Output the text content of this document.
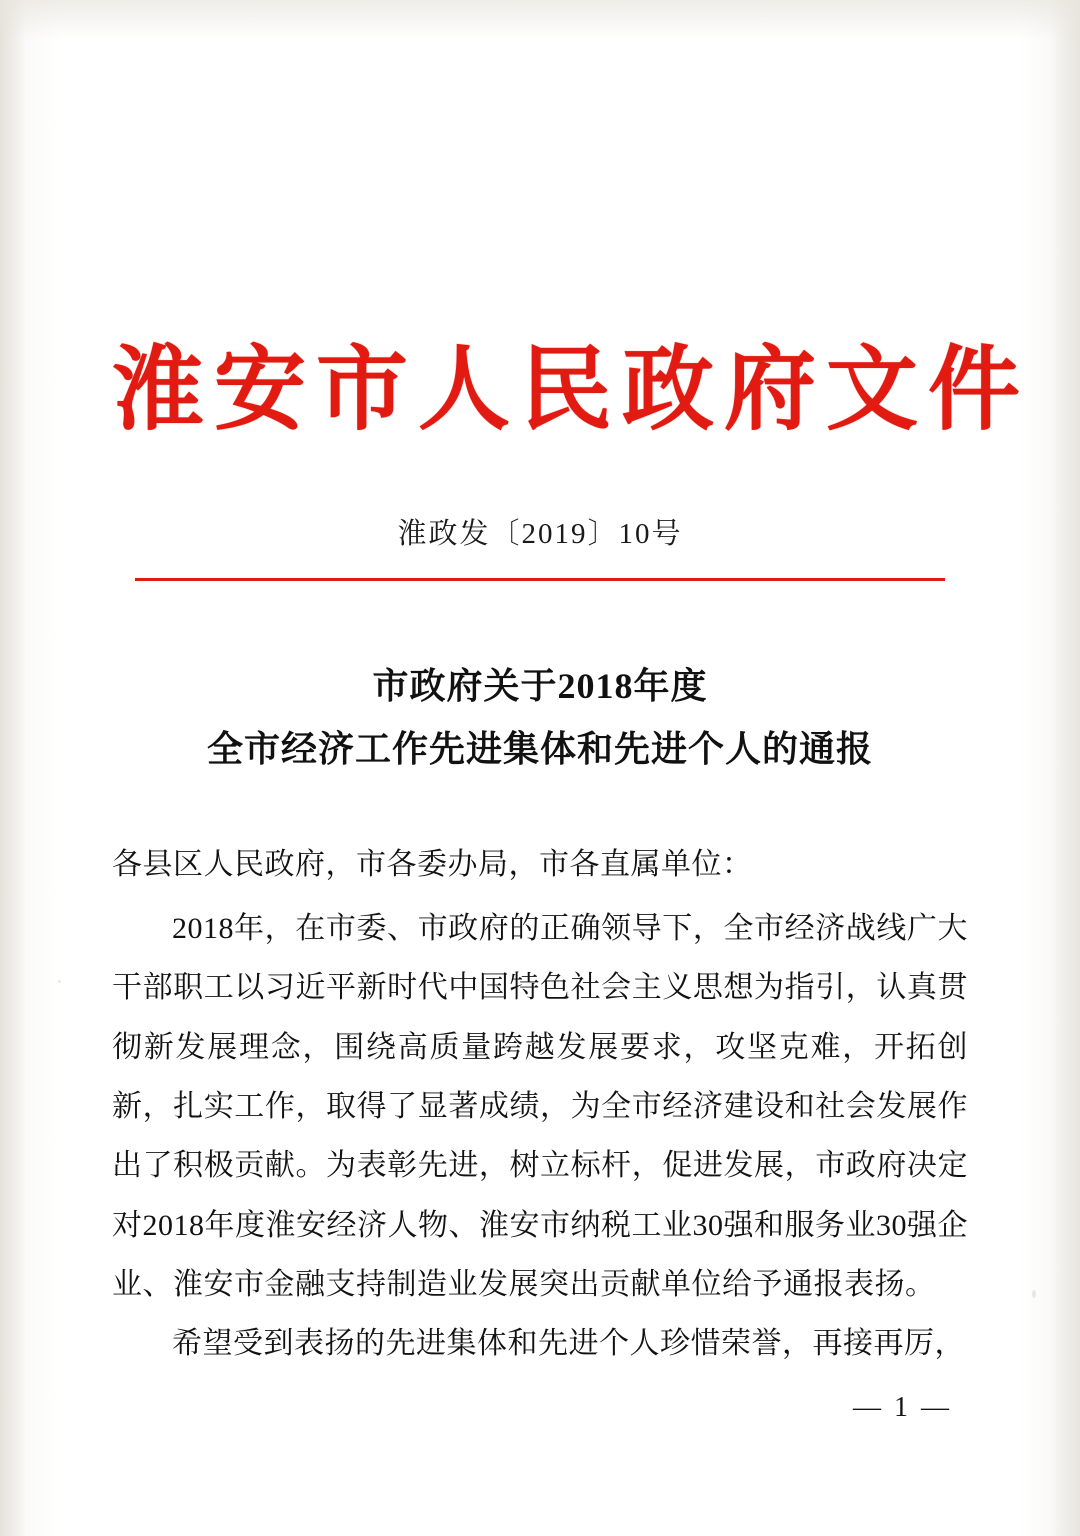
淮安市人民政府文件
淮政发〔2019〕10号
市政府关于2018年度
全市经济工作先进集体和先进个人的通报

各县区人民政府，市各委办局，市各直属单位：

2018年，在市委、市政府的正确领导下，全市经济战线广大干部职工以习近平新时代中国特色社会主义思想为指引，认真贯彻新发展理念，围绕高质量跨越发展要求，攻坚克难，开拓创新，扎实工作，取得了显著成绩，为全市经济建设和社会发展作出了积极贡献。为表彰先进，树立标杆，促进发展，市政府决定对2018年度淮安经济人物、淮安市纳税工业30强和服务业30强企业、淮安市金融支持制造业发展突出贡献单位给予通报表扬。

希望受到表扬的先进集体和先进个人珍惜荣誉，再接再厉，

— 1 —
